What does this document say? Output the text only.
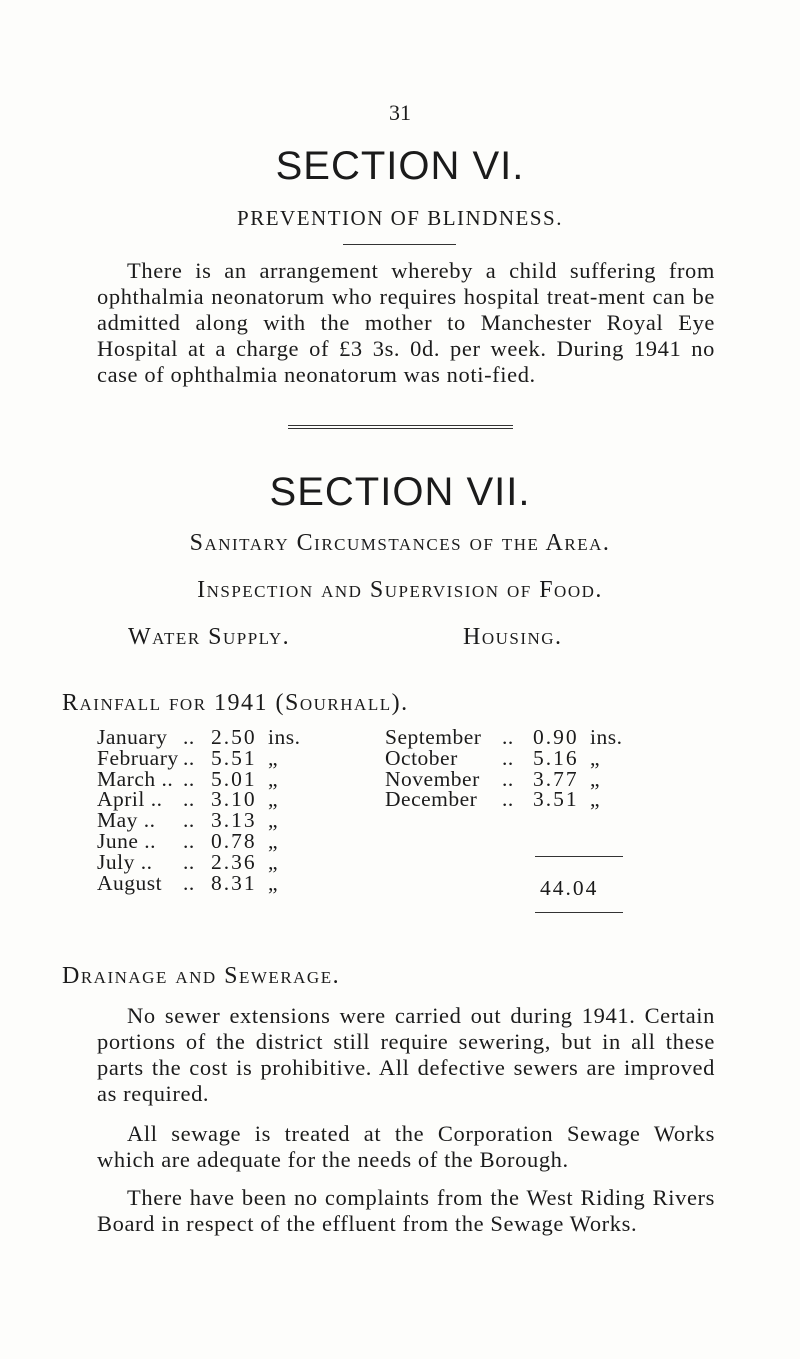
31
SECTION VI.
PREVENTION OF BLINDNESS.

There is an arrangement whereby a child suffering from ophthalmia neonatorum who requires hospital treat-ment can be admitted along with the mother to Manchester Royal Eye Hospital at a charge of £3 3s. 0d. per week. During 1941 no case of ophthalmia neonatorum was noti-fied.

SECTION VII.
Sanitary Circumstances of the Area.
Inspection and Supervision of Food.
Water Supply.	Housing.
Rainfall for 1941 (Sourhall).
January .. 2.50 ins.
February .. 5.51 „
March .. .. 5.01 „
April .. .. 3.10 „
May .. .. 3.13 „
June .. .. 0.78 „
July .. .. 2.36 „
August .. 8.31 „
September .. 0.90 ins.
October .. 5.16 „
November .. 3.77 „
December .. 3.51 „
44.04
Drainage and Sewerage.

No sewer extensions were carried out during 1941. Certain portions of the district still require sewering, but in all these parts the cost is prohibitive. All defective sewers are improved as required.

All sewage is treated at the Corporation Sewage Works which are adequate for the needs of the Borough.

There have been no complaints from the West Riding Rivers Board in respect of the effluent from the Sewage Works.
